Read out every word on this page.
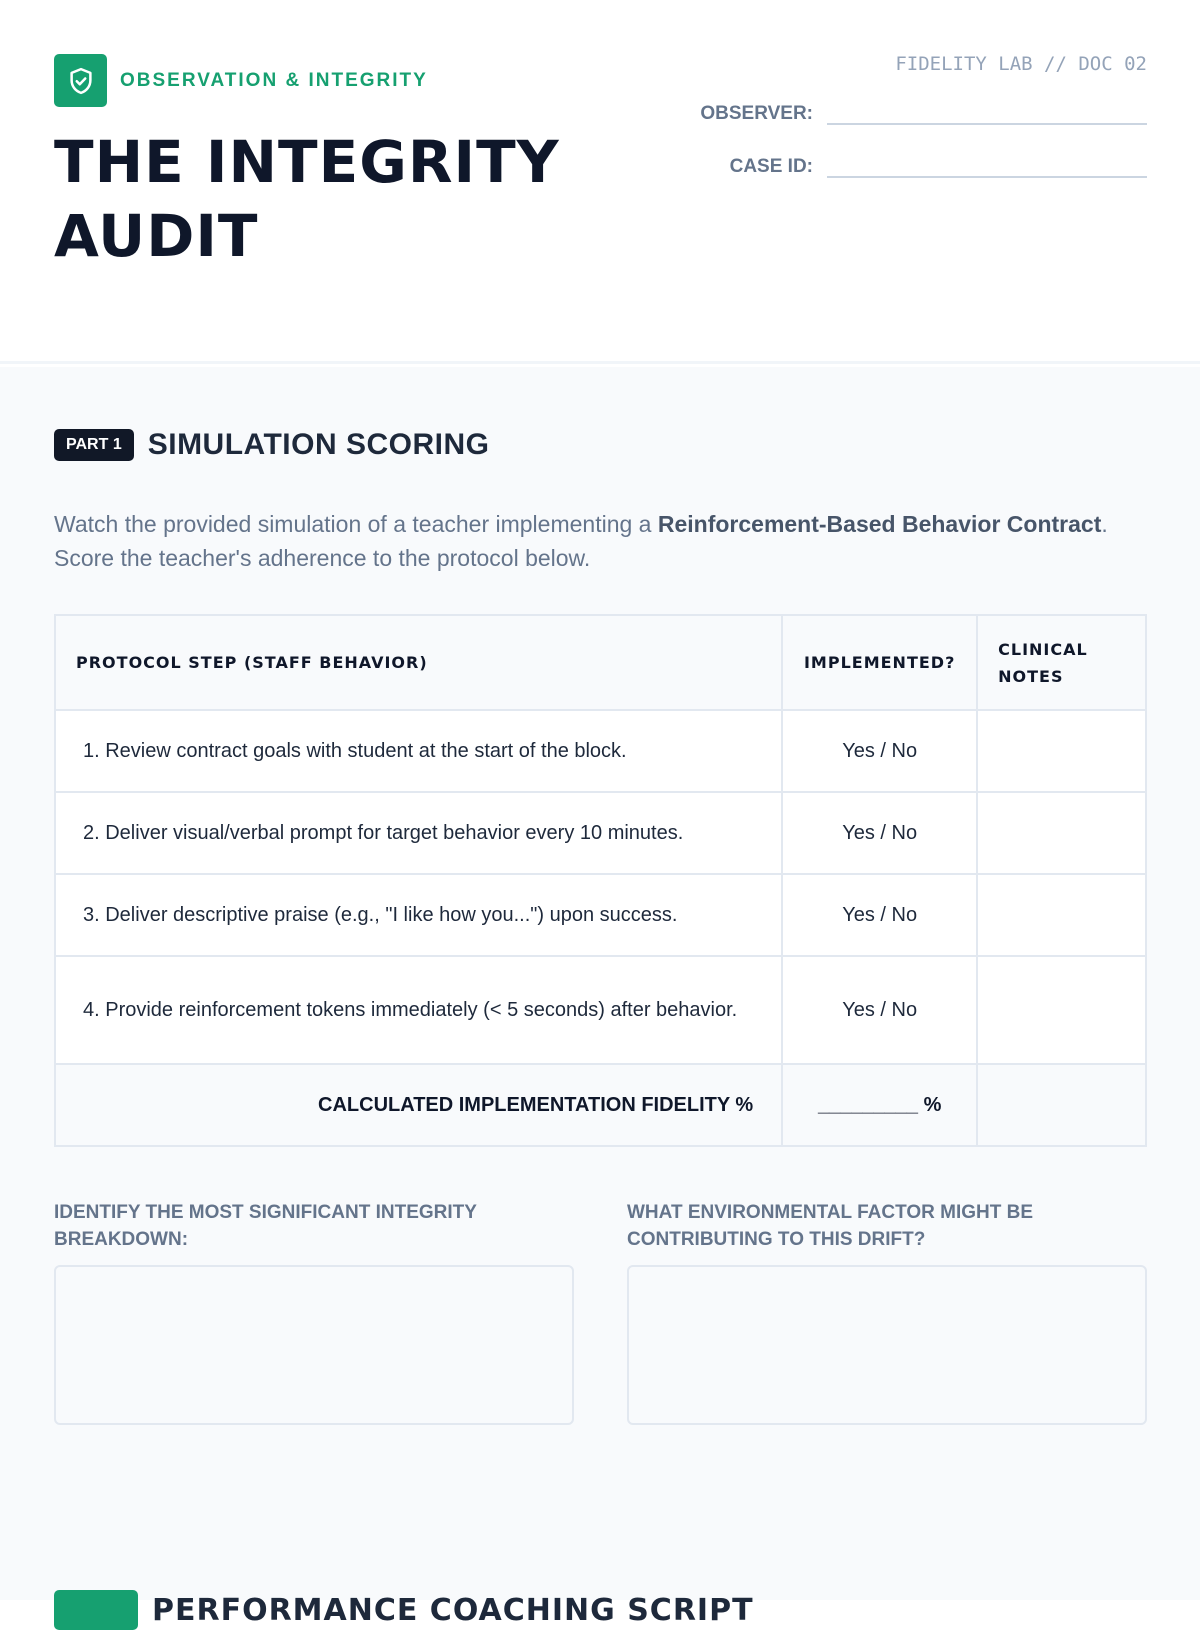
OBSERVATION & INTEGRITY
THE INTEGRITY AUDIT
FIDELITY LAB // DOC 02
OBSERVER:
CASE ID:
PART 1 SIMULATION SCORING

Watch the provided simulation of a teacher implementing a Reinforcement-Based Behavior Contract. Score the teacher's adherence to the protocol below.

PROTOCOL STEP (STAFF BEHAVIOR)	IMPLEMENTED?	CLINICAL NOTES
1. Review contract goals with student at the start of the block.	Yes / No	
2. Deliver visual/verbal prompt for target behavior every 10 minutes.	Yes / No	
3. Deliver descriptive praise (e.g., "I like how you...") upon success.	Yes / No	
4. Provide reinforcement tokens immediately (< 5 seconds) after behavior.	Yes / No	
CALCULATED IMPLEMENTATION FIDELITY %	_________ %	
IDENTIFY THE MOST SIGNIFICANT INTEGRITY BREAKDOWN:
WHAT ENVIRONMENTAL FACTOR MIGHT BE CONTRIBUTING TO THIS DRIFT?
PERFORMANCE COACHING SCRIPT
